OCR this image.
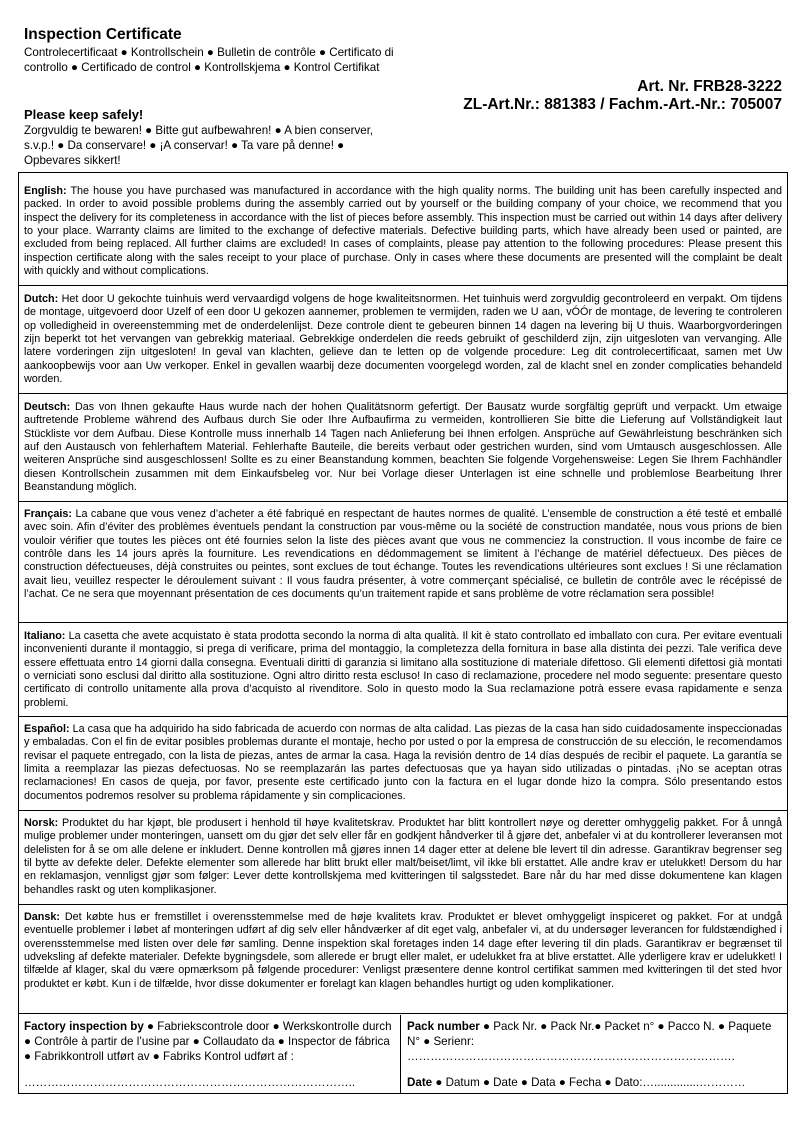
Inspection Certificate
Controlecertificaat ● Kontrollschein ● Bulletin de contrôle ● Certificato di controllo ● Certificado de control ● Kontrollskjema ● Kontrol Certifikat
Art. Nr. FRB28-3222
ZL-Art.Nr.: 881383 / Fachm.-Art.-Nr.: 705007
Please keep safely!
Zorgvuldig te bewaren! ● Bitte gut aufbewahren! ● A bien conserver, s.v.p.! ● Da conservare! ● ¡A conservar! ● Ta vare på denne! ● Opbevares sikkert!
English: The house you have purchased was manufactured in accordance with the high quality norms. The building unit has been carefully inspected and packed. In order to avoid possible problems during the assembly carried out by yourself or the building company of your choice, we recommend that you inspect the delivery for its completeness in accordance with the list of pieces before assembly. This inspection must be carried out within 14 days after delivery to your place. Warranty claims are limited to the exchange of defective materials. Defective building parts, which have already been used or painted, are excluded from being replaced. All further claims are excluded! In cases of complaints, please pay attention to the following procedures: Please present this inspection certificate along with the sales receipt to your place of purchase. Only in cases where these documents are presented will the complaint be dealt with quickly and without complications.
Dutch: Het door U gekochte tuinhuis werd vervaardigd volgens de hoge kwaliteitsnormen. Het tuinhuis werd zorgvuldig gecontroleerd en verpakt. Om tijdens de montage, uitgevoerd door Uzelf of een door U gekozen aannemer, problemen te vermijden, raden we U aan, vÓÓr de montage, de levering te controleren op volledigheid in overeenstemming met de onderdelenlijst. Deze controle dient te gebeuren binnen 14 dagen na levering bij U thuis. Waarborgvorderingen zijn beperkt tot het vervangen van gebrekkig materiaal. Gebrekkige onderdelen die reeds gebruikt of geschilderd zijn, zijn uitgesloten van vervanging. Alle latere vorderingen zijn uitgesloten! In geval van klachten, gelieve dan te letten op de volgende procedure: Leg dit controlecertificaat, samen met Uw aankoopbewijs voor aan Uw verkoper. Enkel in gevallen waarbij deze documenten voorgelegd worden, zal de klacht snel en zonder complicaties behandeld worden.
Deutsch: Das von Ihnen gekaufte Haus wurde nach der hohen Qualitätsnorm gefertigt. Der Bausatz wurde sorgfältig geprüft und verpackt. Um etwaige auftretende Probleme während des Aufbaus durch Sie oder Ihre Aufbaufirma zu vermeiden, kontrollieren Sie bitte die Lieferung auf Vollständigkeit laut Stückliste vor dem Aufbau. Diese Kontrolle muss innerhalb 14 Tagen nach Anlieferung bei Ihnen erfolgen. Ansprüche auf Gewährleistung beschränken sich auf den Austausch von fehlerhaftem Material. Fehlerhafte Bauteile, die bereits verbaut oder gestrichen wurden, sind vom Umtausch ausgeschlossen. Alle weiteren Ansprüche sind ausgeschlossen! Sollte es zu einer Beanstandung kommen, beachten Sie folgende Vorgehensweise: Legen Sie Ihrem Fachhändler diesen Kontrollschein zusammen mit dem Einkaufsbeleg vor. Nur bei Vorlage dieser Unterlagen ist eine schnelle und problemlose Bearbeitung Ihrer Beanstandung möglich.
Français: La cabane que vous venez d’acheter a été fabriqué en respectant de hautes normes de qualité. L’ensemble de construction a été testé et emballé avec soin. Afin d’éviter des problèmes éventuels pendant la construction par vous-même ou la société de construction mandatée, nous vous prions de bien vouloir vérifier que toutes les pièces ont été fournies selon la liste des pièces avant que vous ne commenciez la construction. Il vous incombe de faire ce contrôle dans les 14 jours après la fourniture. Les revendications en dédommagement se limitent à l’échange de matériel défectueux. Des pièces de construction défectueuses, déjà construites ou peintes, sont exclues de tout échange. Toutes les revendications ultérieures sont exclues ! Si une réclamation avait lieu, veuillez respecter le déroulement suivant : Il vous faudra présenter, à votre commerçant spécialisé, ce bulletin de contrôle avec le récépissé de l’achat. Ce ne sera que moyennant présentation de ces documents qu’un traitement rapide et sans problème de votre réclamation sera possible!
Italiano: La casetta che avete acquistato è stata prodotta secondo la norma di alta qualità. Il kit è stato controllato ed imballato con cura. Per evitare eventuali inconvenienti durante il montaggio, si prega di verificare, prima del montaggio, la completezza della fornitura in base alla distinta dei pezzi. Tale verifica deve essere effettuata entro 14 giorni dalla consegna. Eventuali diritti di garanzia si limitano alla sostituzione di materiale difettoso. Gli elementi difettosi già montati o verniciati sono esclusi dal diritto alla sostituzione. Ogni altro diritto resta escluso! In caso di reclamazione, procedere nel modo seguente: presentare questo certificato di controllo unitamente alla prova d’acquisto al rivenditore. Solo in questo modo la Sua reclamazione potrà essere evasa rapidamente e senza problemi.
Español: La casa que ha adquirido ha sido fabricada de acuerdo con normas de alta calidad. Las piezas de la casa han sido cuidadosamente inspeccionadas y embaladas. Con el fin de evitar posibles problemas durante el montaje, hecho por usted o por la empresa de construcción de su elección, le recomendamos revisar el paquete entregado, con la lista de piezas, antes de armar la casa. Haga la revisión dentro de 14 días después de recibir el paquete. La garantía se limita a reemplazar las piezas defectuosas. No se reemplazarán las partes defectuosas que ya hayan sido utilizadas o pintadas. ¡No se aceptan otras reclamaciones! En casos de queja, por favor, presente este certificado junto con la factura en el lugar donde hizo la compra. Sólo presentando estos documentos podremos resolver su problema rápidamente y sin complicaciones.
Norsk: Produktet du har kjøpt, ble produsert i henhold til høye kvalitetskrav. Produktet har blitt kontrollert nøye og deretter omhyggelig pakket. For å unngå mulige problemer under monteringen, uansett om du gjør det selv eller får en godkjent håndverker til å gjøre det, anbefaler vi at du kontrollerer leveransen mot delelisten for å se om alle delene er inkludert. Denne kontrollen må gjøres innen 14 dager etter at delene ble levert til din adresse. Garantikrav begrenser seg til bytte av defekte deler. Defekte elementer som allerede har blitt brukt eller malt/beiset/limt, vil ikke bli erstattet. Alle andre krav er utelukket! Dersom du har en reklamasjon, vennligst gjør som følger: Lever dette kontrollskjema med kvitteringen til salgsstedet. Bare når du har med disse dokumentene kan klagen behandles raskt og uten komplikasjoner.
Dansk: Det købte hus er fremstillet i overensstemmelse med de høje kvalitets krav. Produktet er blevet omhyggeligt inspiceret og pakket. For at undgå eventuelle problemer i løbet af monteringen udført af dig selv eller håndværker af dit eget valg, anbefaler vi, at du undersøger leverancen for fuldstændighed i overensstemmelse med listen over dele før samling. Denne inspektion skal foretages inden 14 dage efter levering til din plads. Garantikrav er begrænset til udveksling af defekte materialer. Defekte bygningsdele, som allerede er brugt eller malet, er udelukket fra at blive erstattet. Alle yderligere krav er udelukket! I tilfælde af klager, skal du være opmærksom på følgende procedurer: Venligst præsentere denne kontrol certifikat sammen med kvitteringen til det sted hvor produktet er købt. Kun i de tilfælde, hvor disse dokumenter er forelagt kan klagen behandles hurtigt og uden komplikationer.
Factory inspection by ● Fabriekscontrole door ● Werkskontrolle durch ● Contrôle à partir de l’usine par ● Collaudato da ● Inspector de fábrica ● Fabrikkontroll utført av ● Fabriks Kontrol udført af :
…………………………………………………………………………..
Pack number ● Pack Nr. ● Pack Nr.● Packet n° ● Pacco N. ● Paquete N° ● Serienr:
………………………………………………………………………….
Date ● Datum ● Date ● Data ● Fecha ● Dato:…..............…………
